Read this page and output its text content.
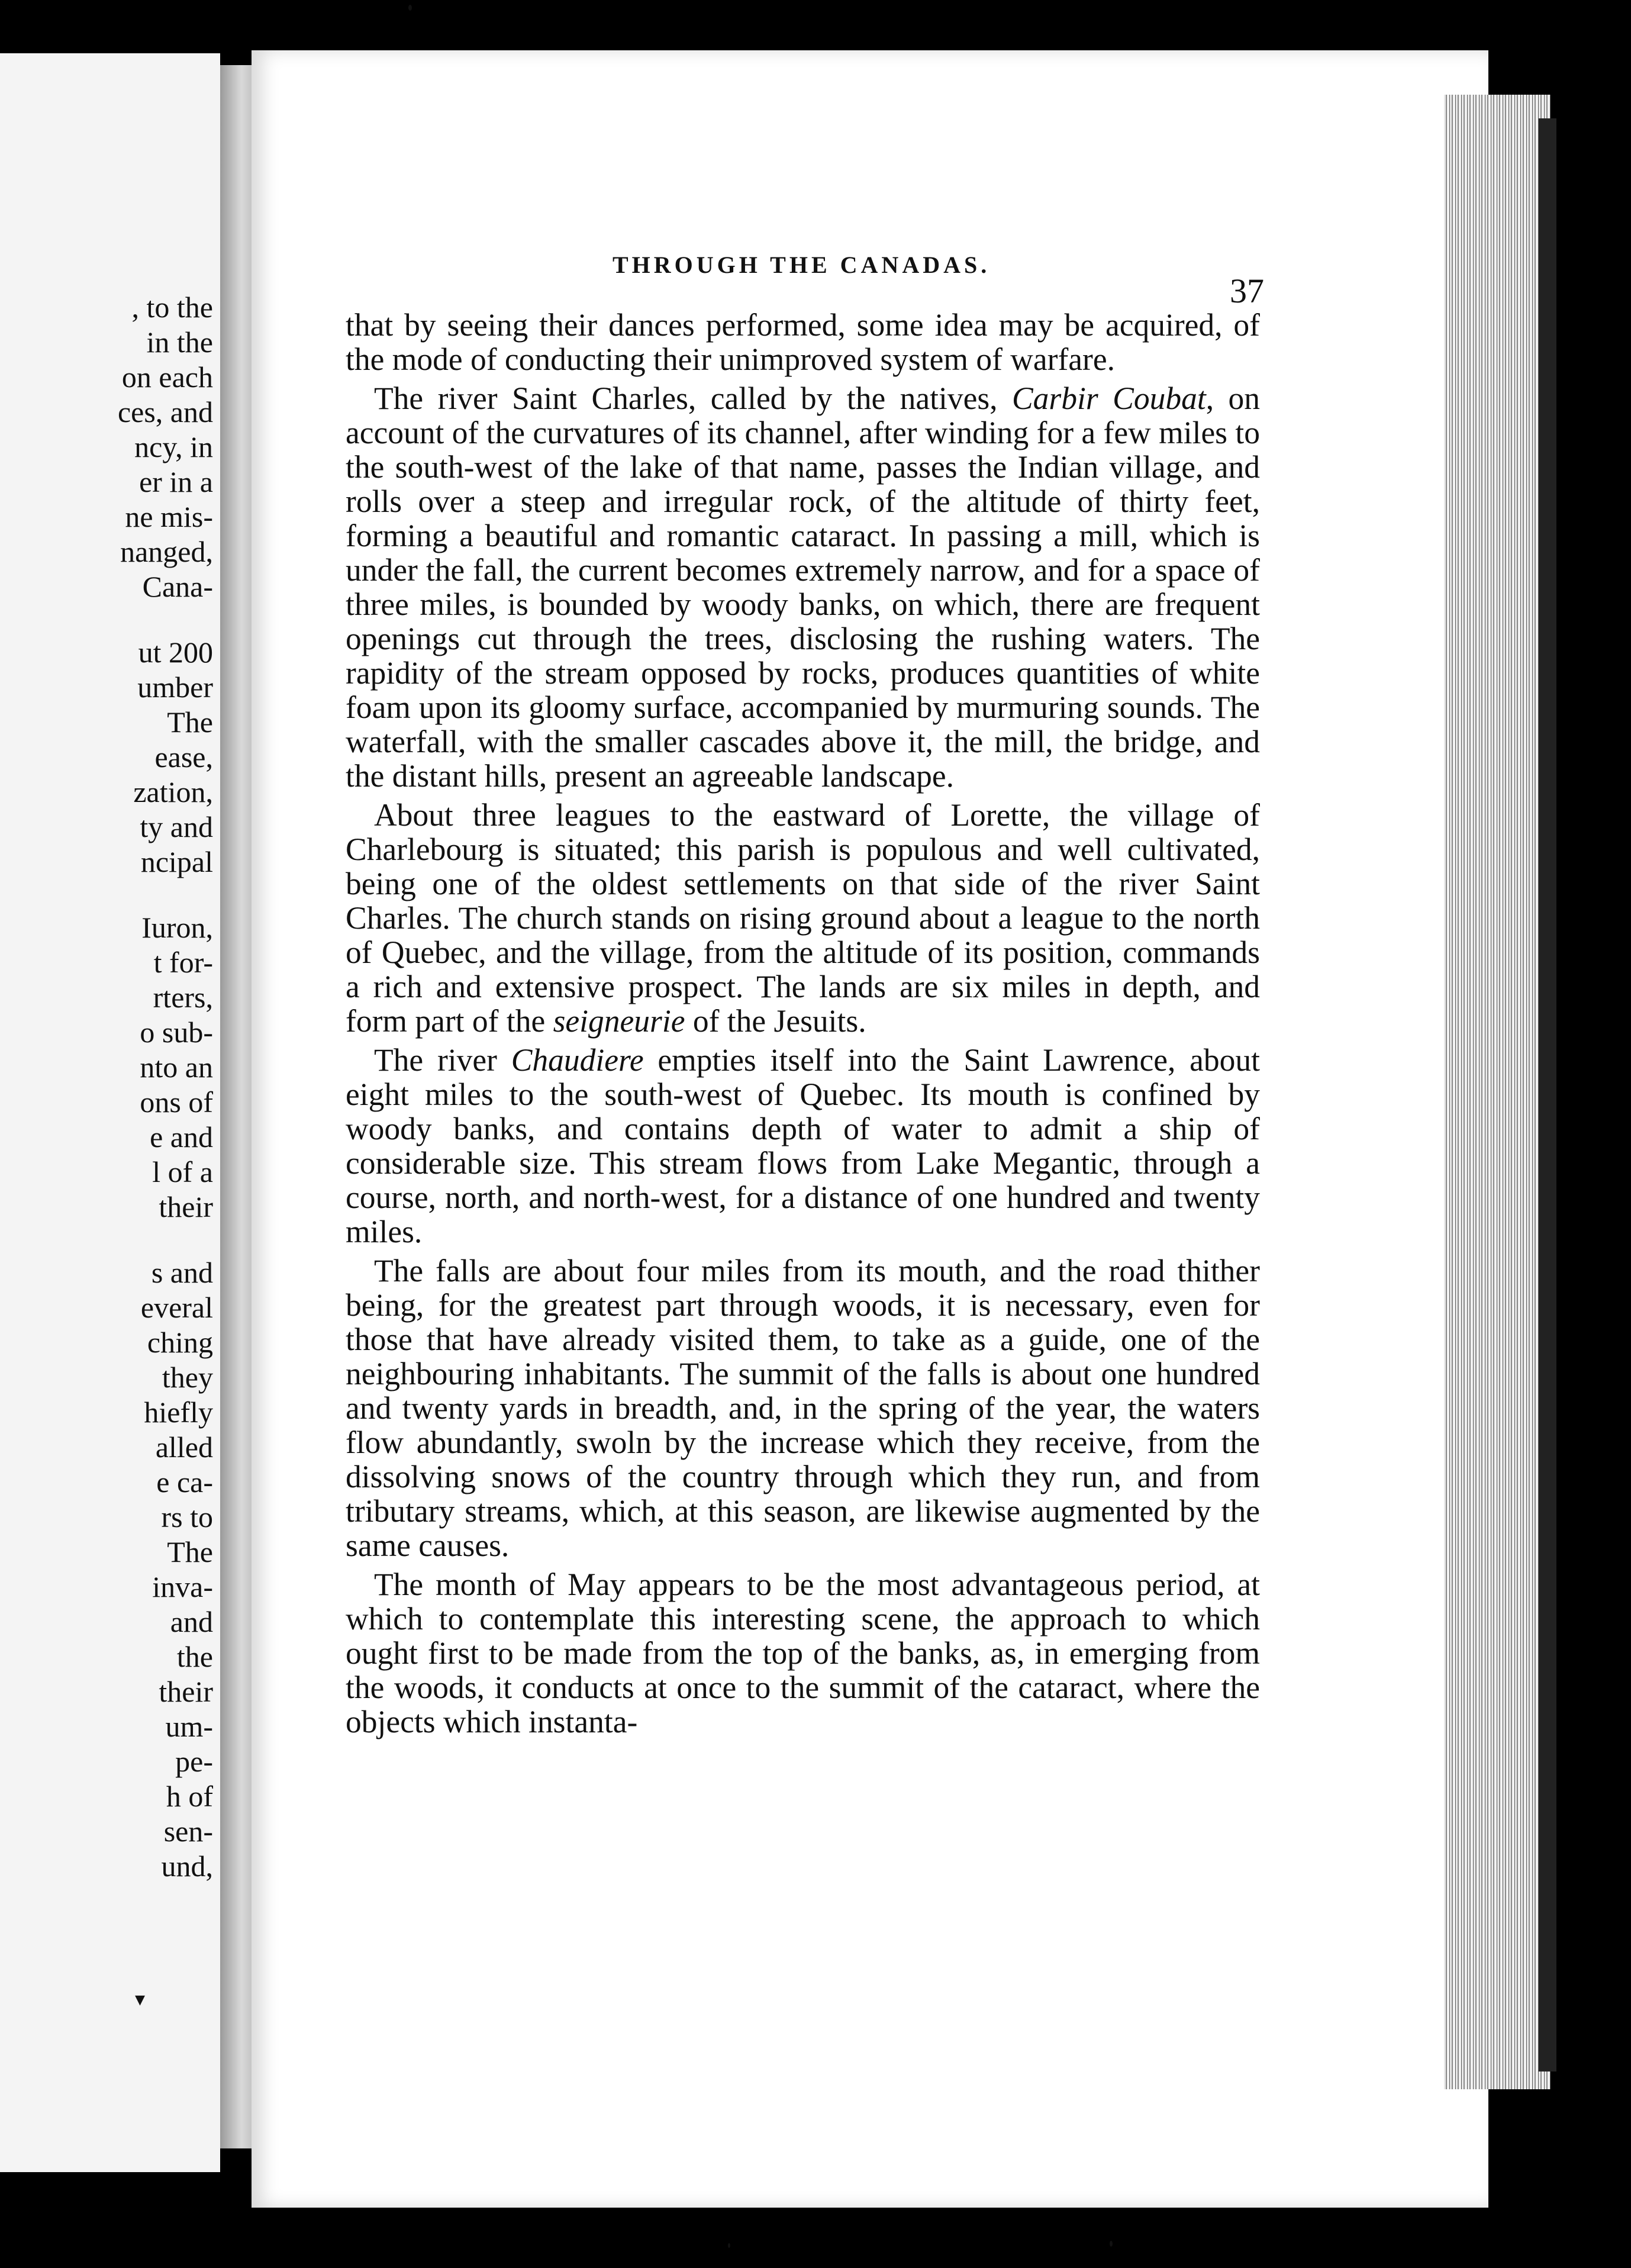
, to the
in the
on each
ces, and
ncy, in
er in a
ne mis-
nanged,
Cana-
ut 200
umber
The
ease,
zation,
ty and
ncipal
Iuron,
t for-
rters,
o sub-
nto an
ons of
e and
l of a
their
s and
everal
ching
they
hiefly
alled
e ca-
rs to
The
inva-
and
the
their
um-
pe-
h of
sen-
und,
▾
THROUGH THE CANADAS.
37

that by seeing their dances performed, some idea may be acquired, of the mode of conducting their unimproved system of warfare.

The river Saint Charles, called by the natives, Carbir Coubat, on account of the curvatures of its channel, after winding for a few miles to the south-west of the lake of that name, passes the Indian village, and rolls over a steep and irregular rock, of the altitude of thirty feet, forming a beautiful and romantic cataract. In passing a mill, which is under the fall, the current becomes extremely narrow, and for a space of three miles, is bounded by woody banks, on which, there are frequent openings cut through the trees, disclosing the rushing waters. The rapidity of the stream opposed by rocks, produces quantities of white foam upon its gloomy surface, accompanied by murmuring sounds. The waterfall, with the smaller cascades above it, the mill, the bridge, and the distant hills, present an agreeable landscape.

About three leagues to the eastward of Lorette, the village of Charlebourg is situated; this parish is populous and well cultivated, being one of the oldest settlements on that side of the river Saint Charles. The church stands on rising ground about a league to the north of Quebec, and the village, from the altitude of its position, commands a rich and extensive prospect. The lands are six miles in depth, and form part of the seigneurie of the Jesuits.

The river Chaudiere empties itself into the Saint Lawrence, about eight miles to the south-west of Quebec. Its mouth is confined by woody banks, and contains depth of water to admit a ship of considerable size. This stream flows from Lake Megantic, through a course, north, and north-west, for a distance of one hundred and twenty miles.

The falls are about four miles from its mouth, and the road thither being, for the greatest part through woods, it is necessary, even for those that have already visited them, to take as a guide, one of the neighbouring inhabitants. The summit of the falls is about one hundred and twenty yards in breadth, and, in the spring of the year, the waters flow abundantly, swoln by the increase which they receive, from the dissolving snows of the country through which they run, and from tributary streams, which, at this season, are likewise augmented by the same causes.

The month of May appears to be the most advantageous period, at which to contemplate this interesting scene, the approach to which ought first to be made from the top of the banks, as, in emerging from the woods, it conducts at once to the summit of the cataract, where the objects which instanta-
